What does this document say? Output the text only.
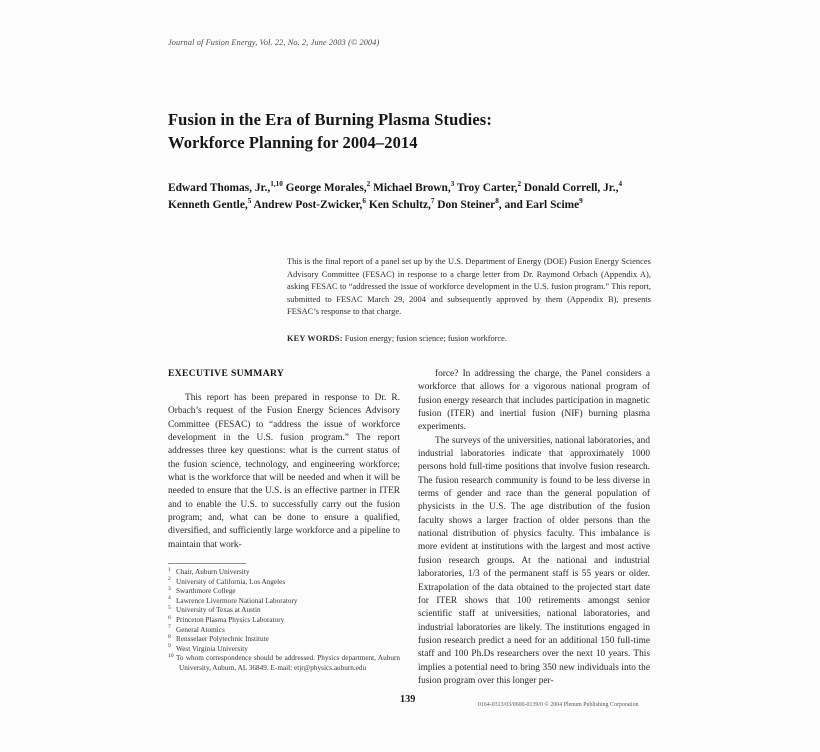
Journal of Fusion Energy, Vol. 22, No. 2, June 2003 (© 2004)
Fusion in the Era of Burning Plasma Studies:
Workforce Planning for 2004–2014
Edward Thomas, Jr.,$^{1,10}$ George Morales,$^2$ Michael Brown,$^3$ Troy Carter,$^2$ Donald Correll, Jr.,$^4$
Kenneth Gentle,$^5$ Andrew Post-Zwicker,$^6$ Ken Schultz,$^7$ Don Steiner$^8$, and Earl Scime$^9$
This is the final report of a panel set up by the U.S. Department of Energy (DOE) Fusion Energy Sciences Advisory Committee (FESAC) in response to a charge letter from Dr. Raymond Orbach (Appendix A), asking FESAC to “addressed the issue of workforce development in the U.S. fusion program.” This report, submitted to FESAC March 29, 2004 and subsequently approved by them (Appendix B), presents FESAC’s response to that charge.
KEY WORDS: Fusion energy; fusion science; fusion workforce.
EXECUTIVE SUMMARY

This report has been prepared in response to Dr. R. Orbach’s request of the Fusion Energy Sciences Advisory Committee (FESAC) to “address the issue of workforce development in the U.S. fusion program.” The report addresses three key questions: what is the current status of the fusion science, technology, and engineering workforce; what is the workforce that will be needed and when it will be needed to ensure that the U.S. is an effective partner in ITER and to enable the U.S. to successfully carry out the fusion program; and, what can be done to ensure a qualified, diversified, and sufficiently large workforce and a pipeline to maintain that work-

force? In addressing the charge, the Panel considers a workforce that allows for a vigorous national program of fusion energy research that includes participation in magnetic fusion (ITER) and inertial fusion (NIF) burning plasma experiments.

The surveys of the universities, national laboratories, and industrial laboratories indicate that approximately 1000 persons hold full-time positions that involve fusion research. The fusion research community is found to be less diverse in terms of gender and race than the general population of physicists in the U.S. The age distribution of the fusion faculty shows a larger fraction of older persons than the national distribution of physics faculty. This imbalance is more evident at institutions with the largest and most active fusion research groups. At the national and industrial laboratories, 1/3 of the permanent staff is 55 years or older. Extrapolation of the data obtained to the projected start date for ITER shows that 100 retirements amongst senior scientific staff at universities, national laboratories, and industrial laboratories are likely. The institutions engaged in fusion research predict a need for an additional 150 full-time staff and 100 Ph.Ds researchers over the next 10 years. This implies a potential need to bring 350 new individuals into the fusion program over this longer per-

1 Chair, Auburn University
2 University of California, Los Angeles
3 Swarthmore College
4 Lawrence Livermore National Laboratory
5 University of Texas at Austin
6 Princeton Plasma Physics Laboratory
7 General Atomics
8 Rensselaer Polytechnic Institute
9 West Virginia University
10 To whom correspondence should be addressed. Physics department, Auburn University, Auburn, AL 36849. E-mail: etjr@physics.auburn.edu
139	0164-0313/03/0600-0139/0 © 2004 Plenum Publishing Corporation
